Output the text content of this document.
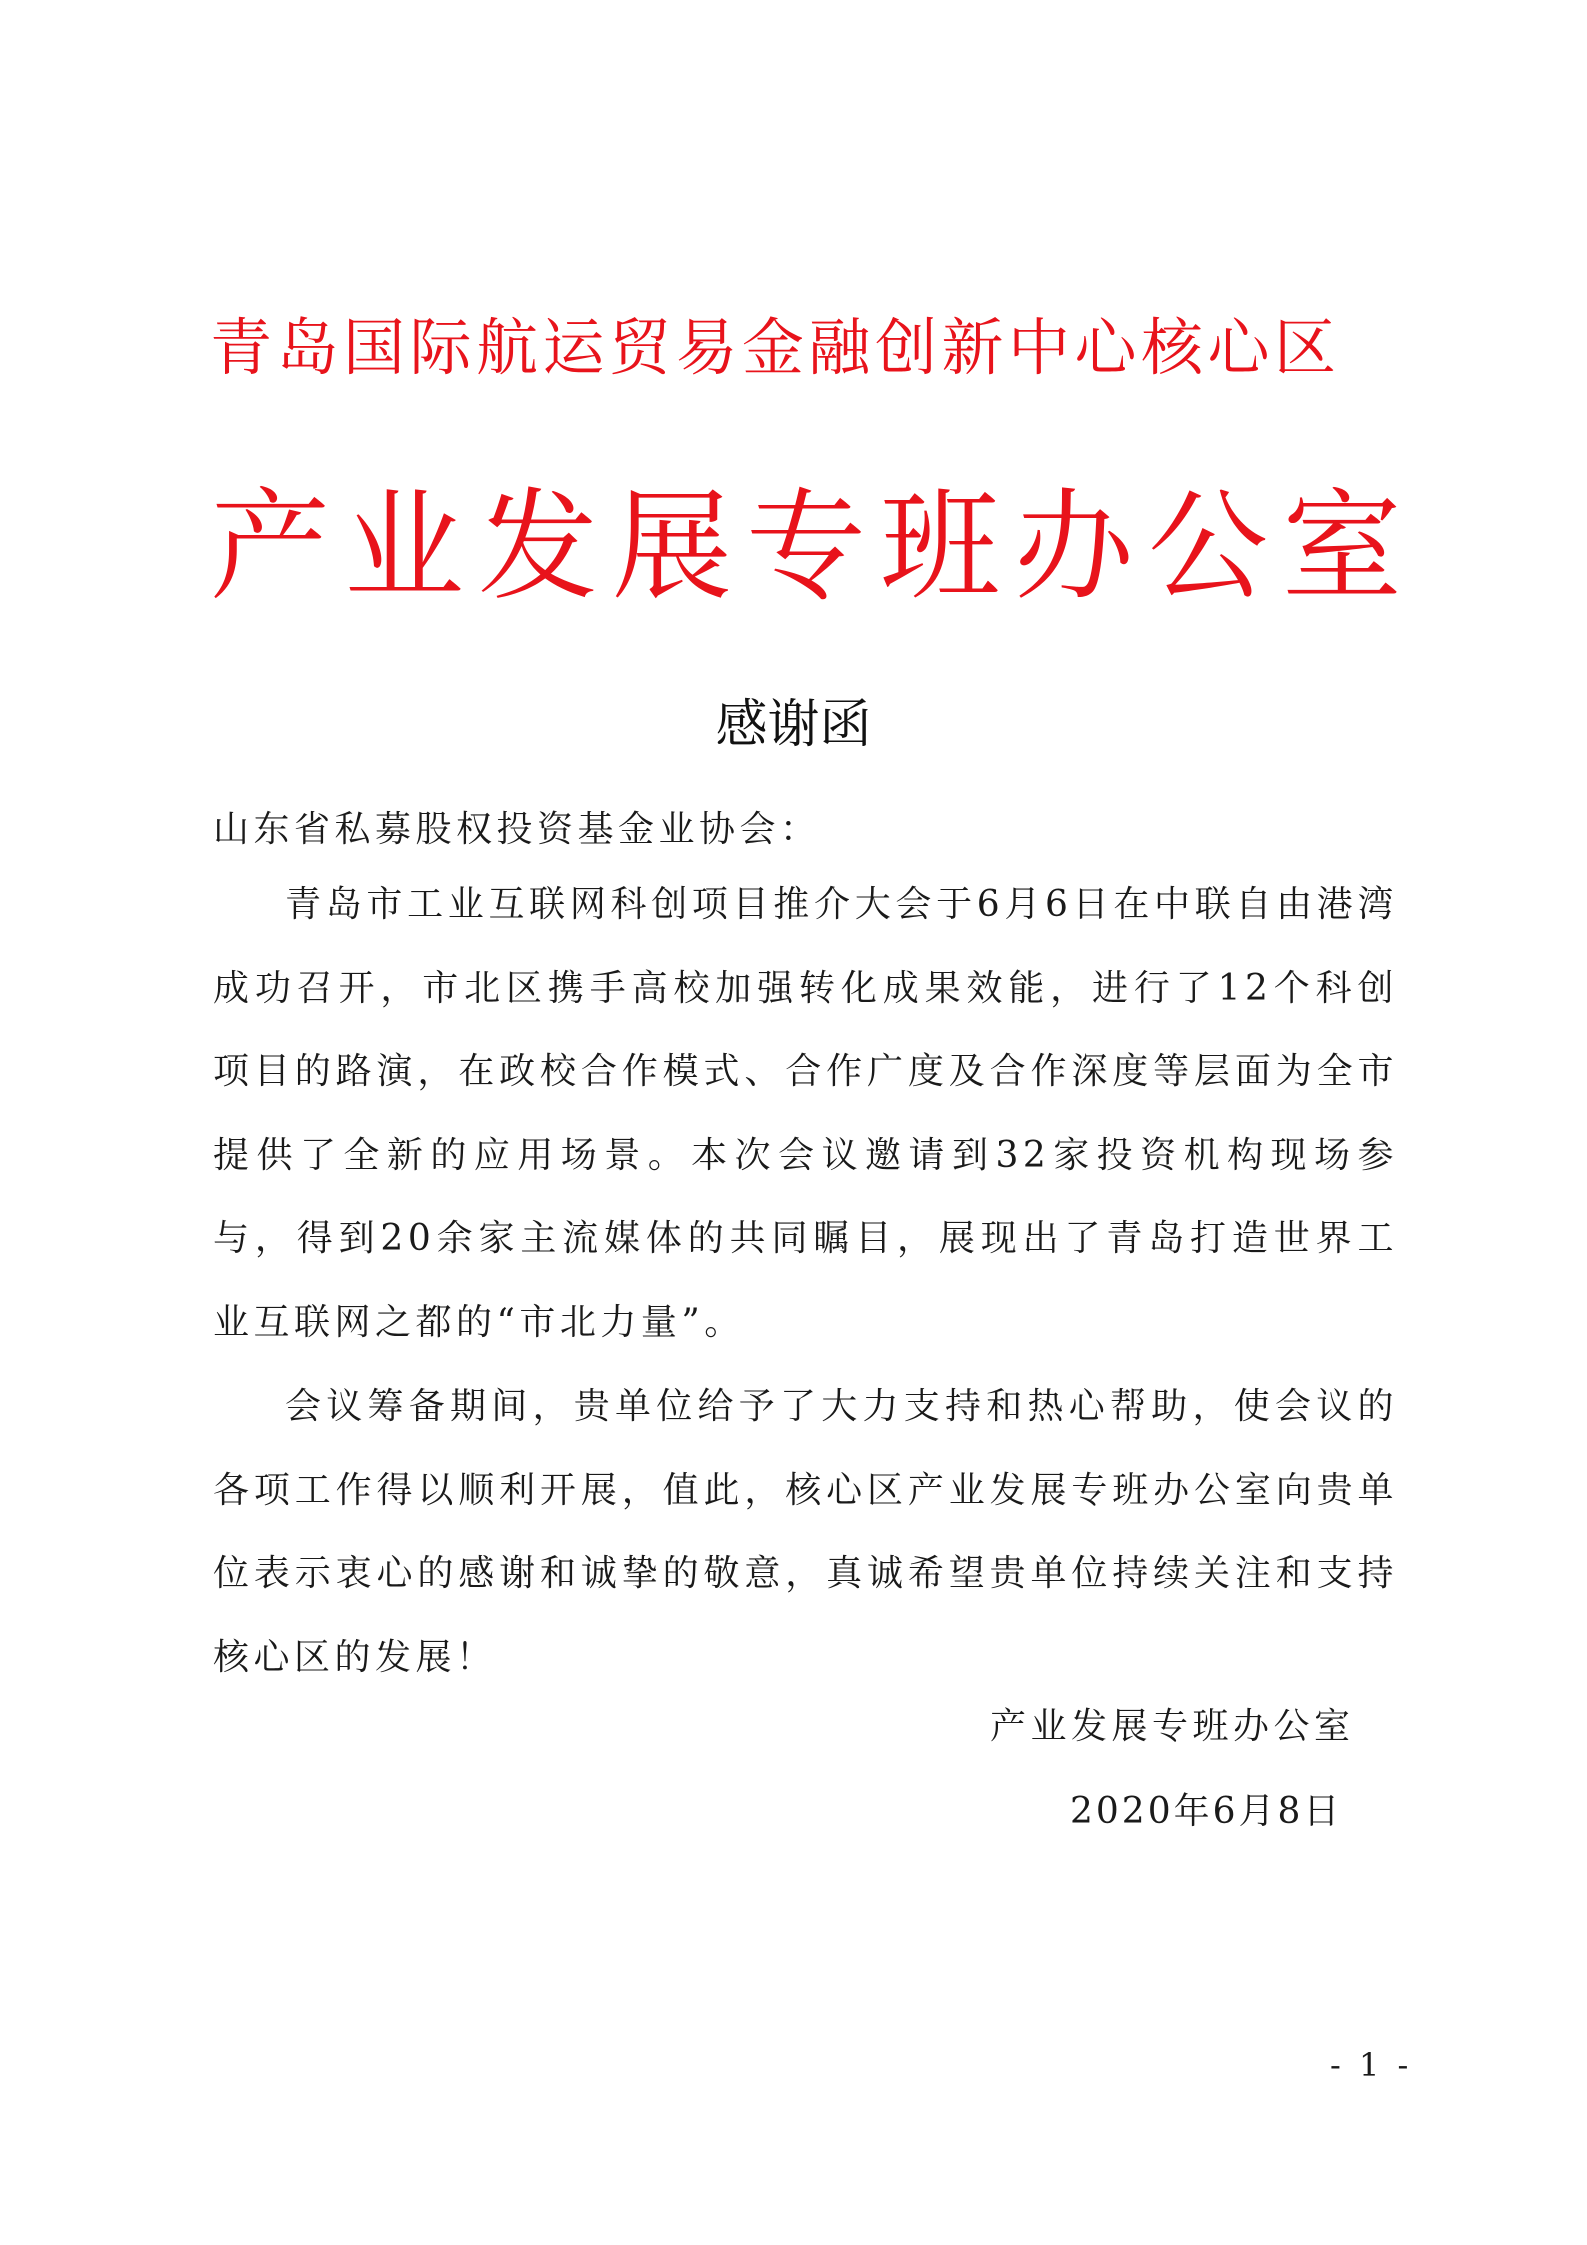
青岛国际航运贸易金融创新中心核心区
产业发展专班办公室
感谢函

山东省私募股权投资基金业协会：

青岛市工业互联网科创项目推介大会于6月6日在中联自由港湾成功召开，市北区携手高校加强转化成果效能，进行了12个科创项目的路演，在政校合作模式、合作广度及合作深度等层面为全市提供了全新的应用场景。本次会议邀请到32家投资机构现场参与，得到20余家主流媒体的共同瞩目，展现出了青岛打造世界工业互联网之都的“市北力量”。

会议筹备期间，贵单位给予了大力支持和热心帮助，使会议的各项工作得以顺利开展，值此，核心区产业发展专班办公室向贵单位表示衷心的感谢和诚挚的敬意，真诚希望贵单位持续关注和支持核心区的发展！

产业发展专班办公室

2020年6月8日

- 1 -
